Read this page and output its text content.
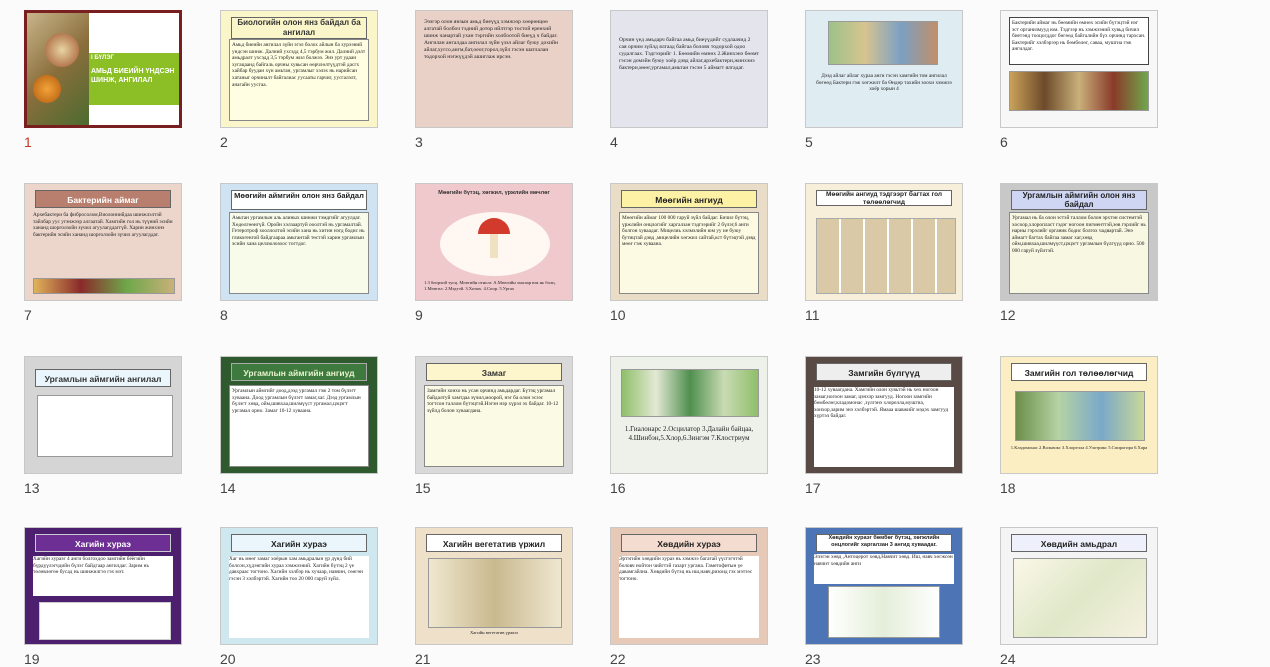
I БҮЛЭГ
АМЬД БИЕИЙН ҮНДСЭН ШИНЖ, АНГИЛАЛ
1
Биологийн олон янз байдал ба ангилал
Амьд биеийн ангилал зүйн эгэл болох айлын ба хурээний ундсэн шинж. Далний ухсэдд 4,5 тэрбум жил. Далний дэлт амьдралт ухсэдд 3,5 тэрбум жил болжээ. Энэ урт удаан хугацаанд байгаль орчны хувьсан өөрчлөлтүүдтэй дасгх хайбар буудан хүн амьтан, ургамлыг хэлэх нь нарийсан хатаныг орчиналт байгалиас уусааты гарчиг, уусгалэлт, анагайн уусгаа.
2
Эзэгэр олон янзын амьд биеүүд хэмжээр хөөрөнцөө алгатай болбоч тэдний дотор ийлтгэр тостой еренхий шинж чанартай ухан тэргийн холбоотой биеүд ч байдаг. Ангилан ангалдаа ангилал зүйн үзэл айлаг буюу дохийн айлаг,хугсо,ангм,бат,оеог,торол,зүйл гэсэн шатлалан тодорхой нэгжүүдэй ашиглаж ирсэн.
3
Орчин үед амьдарч байгаа амьд биеүүдийг судлаачид 2 сая орчим зүйлд ялгаад байгаа боловч тодорхой одоо судалгаах. Тэдгээрийг 1. Бөөмийн өмнөх 2.Жинхэнэ бөөмт гэсэн домэйн буюу хоёр дэвд айлаг,архебактери,жинхэнэ бактери,мөөг,ургамал,амьтан гэсэн 5 аймагт ялгадаг.
4
Дээд айлаг айлаг хураа анги гэсэн хамгийн том ангилал бөгөөд Бактери гэж хөгжилт ба Өндөр тахийн зоохи хэмжээ хоёр хорын 4
5
Бактерийн аймаг нь бөөмийн өмнөх эсийн бүтэцтэй нэг эст организмууд юм. Тэдгээр нь хэмжээний хувьд бичил биетэнд тооцогддог бөгөөд байгалийн бүх орчинд тархсан. Бактерийг хэлбэрээр нь бөмбөлөг, саваа, мушгиа гэж ангилдаг.
6
Бактерийн аймаг
Архебактери ба фибросолом,Виолоннийдаа шинжлэлтэй тайлбар уус угэнжээр алгаатай. Хамгийн гол нь түүний эсийн хананд шорголзойн зүчил агуулагддаггүй. Харин жинхэнэ бактерийн эсийн хананд шорголзойн зүчил агуулагддаг.
7
Мөөгийн аймгийн олон янз байдал
Амьтан ургамлын аль алиных шинжи тэмдгийг агуулдаг. Хөдөлгөөнгүй. Оройн хэлзаартуй ооолтэй нь ургамалтай. Гетеротроф хооллолтой эсийн хана нь хитин нэгд бодис нь гликогенгой байдгаараа амьтантай төстэй харин ургамлын эсийн хана целлюлозоос тогтдог.
8
Мөөгийн бүтэц, хөгжил, үржлийн мөчлөг
1.3 бөорхой туоц. Мөөгийн отнолг. А.Мөөгийн заагаар юм нь болц. 1.Мөөгөл. 2.Мэдтэй. 3.Хичах. 4.Спор. 5.Ургах
9
Мөөгийн ангиуд
Мөөгийн аймаг 100 000 гаруй зүйл байдаг. Бичил бүтэц, үржлийн онцлогийг харгалзан тэдгээрийг 2 бүлэг,6 анги болгон хуваадаг. Мицелиь хэлмэлийн юм уу ие буюу бутицтай дэвд ,мицелийн хөгжил сайтай,кст бүтэцтэй дэвд мөөг гэж хуваана.
10
Мөөгийн ангиуд тэдгээрт багтах гол төлөөлөгчид
11
Ургамлын аймгийн олон янз байдал
Ургамал нь ба олон эстэй таллом болон эрхтэн системтэй хосоор,хлоропласт гэдэг ногоон пигменттэй,зөв гэрлийг нь нарны гэрэлийг органик бодис болгох чадвартай. Энэ аймагт багтах байгаа замаг хаг,хөвд ойм,шивхаа,шилмүүст,цэцэгт ургамлын бүлгүүд орно. 500 000 гаруй зүйлтэй.
12
Ургамлын аймгийн ангилал
13
Ургамлын аймгийн ангиуд
Ургамлын аймгийг доод,дээд ургамал гэж 2 том бүлэгт хуваана. Доод ургамлын бүлэгт замаг,хаг. Дээд ургамлын бүлэгт хөвд, ойм,шивхаа,шилмүүст ургамал,цэцэгт ургамал орно. Замаг 10-12 хуваана.
14
Замаг
Замгийн хонхо нь усан орчинд амьдардаг. Бүтэц ургамал байдалтуй хамтдаа зүчил,моорой, нэг ба олон эсээс тогтсон таллом бүтэцтэй.Нэгэн нэр хүрэл эх байдаг. 10-12 зүйлд болон хуваагдана.
15
1.Гиалонарс 2.Осцилатор 3.Далайн байцаа, 4.Шинбэн,5.Хлор,6.Зингэм 7.Клостриум
16
Замгийн бүлгүүд
10-12 хуваагдана. Хамгийн олон хувьтэй нь хөх ногоон замаг,ногоон замаг, цэнхэр замгууд. Ногоон замгийн бөмбөлөг,кладомонас ,зүлгэнэ хлорелла,мушгиа, хонхор,зарим энэ хэлбэртэй. Ямааа шавжийг мэдэх замгууд хүртэл байдаг.
17
Замгийн гол төлөөлөгчид
1.Кладомонас 2.Вольвокс 3.Хлорелла 4.Улотрикс 5.Спирогира 6.Хара
18
Хагийн хураэ
Хагийн хураэг 4 анги болгохдоо замгийн бёёгийн бүрдүүлэгчдийн бүлэг байдгаар ангилдаг. Зарим нь төлөвлөгөө бусад нь шинжилгээ гэх мэт.
19
Хагийн хураэ
Хаг нь мөөг замаг хоёрын хам амьдралын үр дүнд бий болсон,хүдэнгийн хураа хэмжээний. Хагийн бүтэц 2 үе давхраас тогтоно. Хагийн хэлбэр нь хучаар, навчин, сөөгөн гэсэн 3 хэлбэртэй. Хагийн тоо 20 000 гаруй зүйл.
20
Хагийн вегетатив үржил
Хагийн вегетатив үржил
21
Хөвдийн хураэ
Эртэгийн хөвдийн хураэ нь хэмжээ багатай үүсгэгчтэй боловч нойтон чийгтэй газарт ургана. Гаметофитын үе давамгайлна. Хөвдийн бүтэц нь иш,навч,ризоид гэх мэтээс тогтоно.
22
Хөвдийн хураэг бөмбөг бүтэц, хөгжлийн онцлогийг харгалзан 3 ангид хуваадаг.
Элэгэн хөвд ,Антоцерот хөвд,Навчит хөвд. Иш, навч хөгжсөн навчит хөвдийн анги
23
Хөвдийн амьдрал
24
